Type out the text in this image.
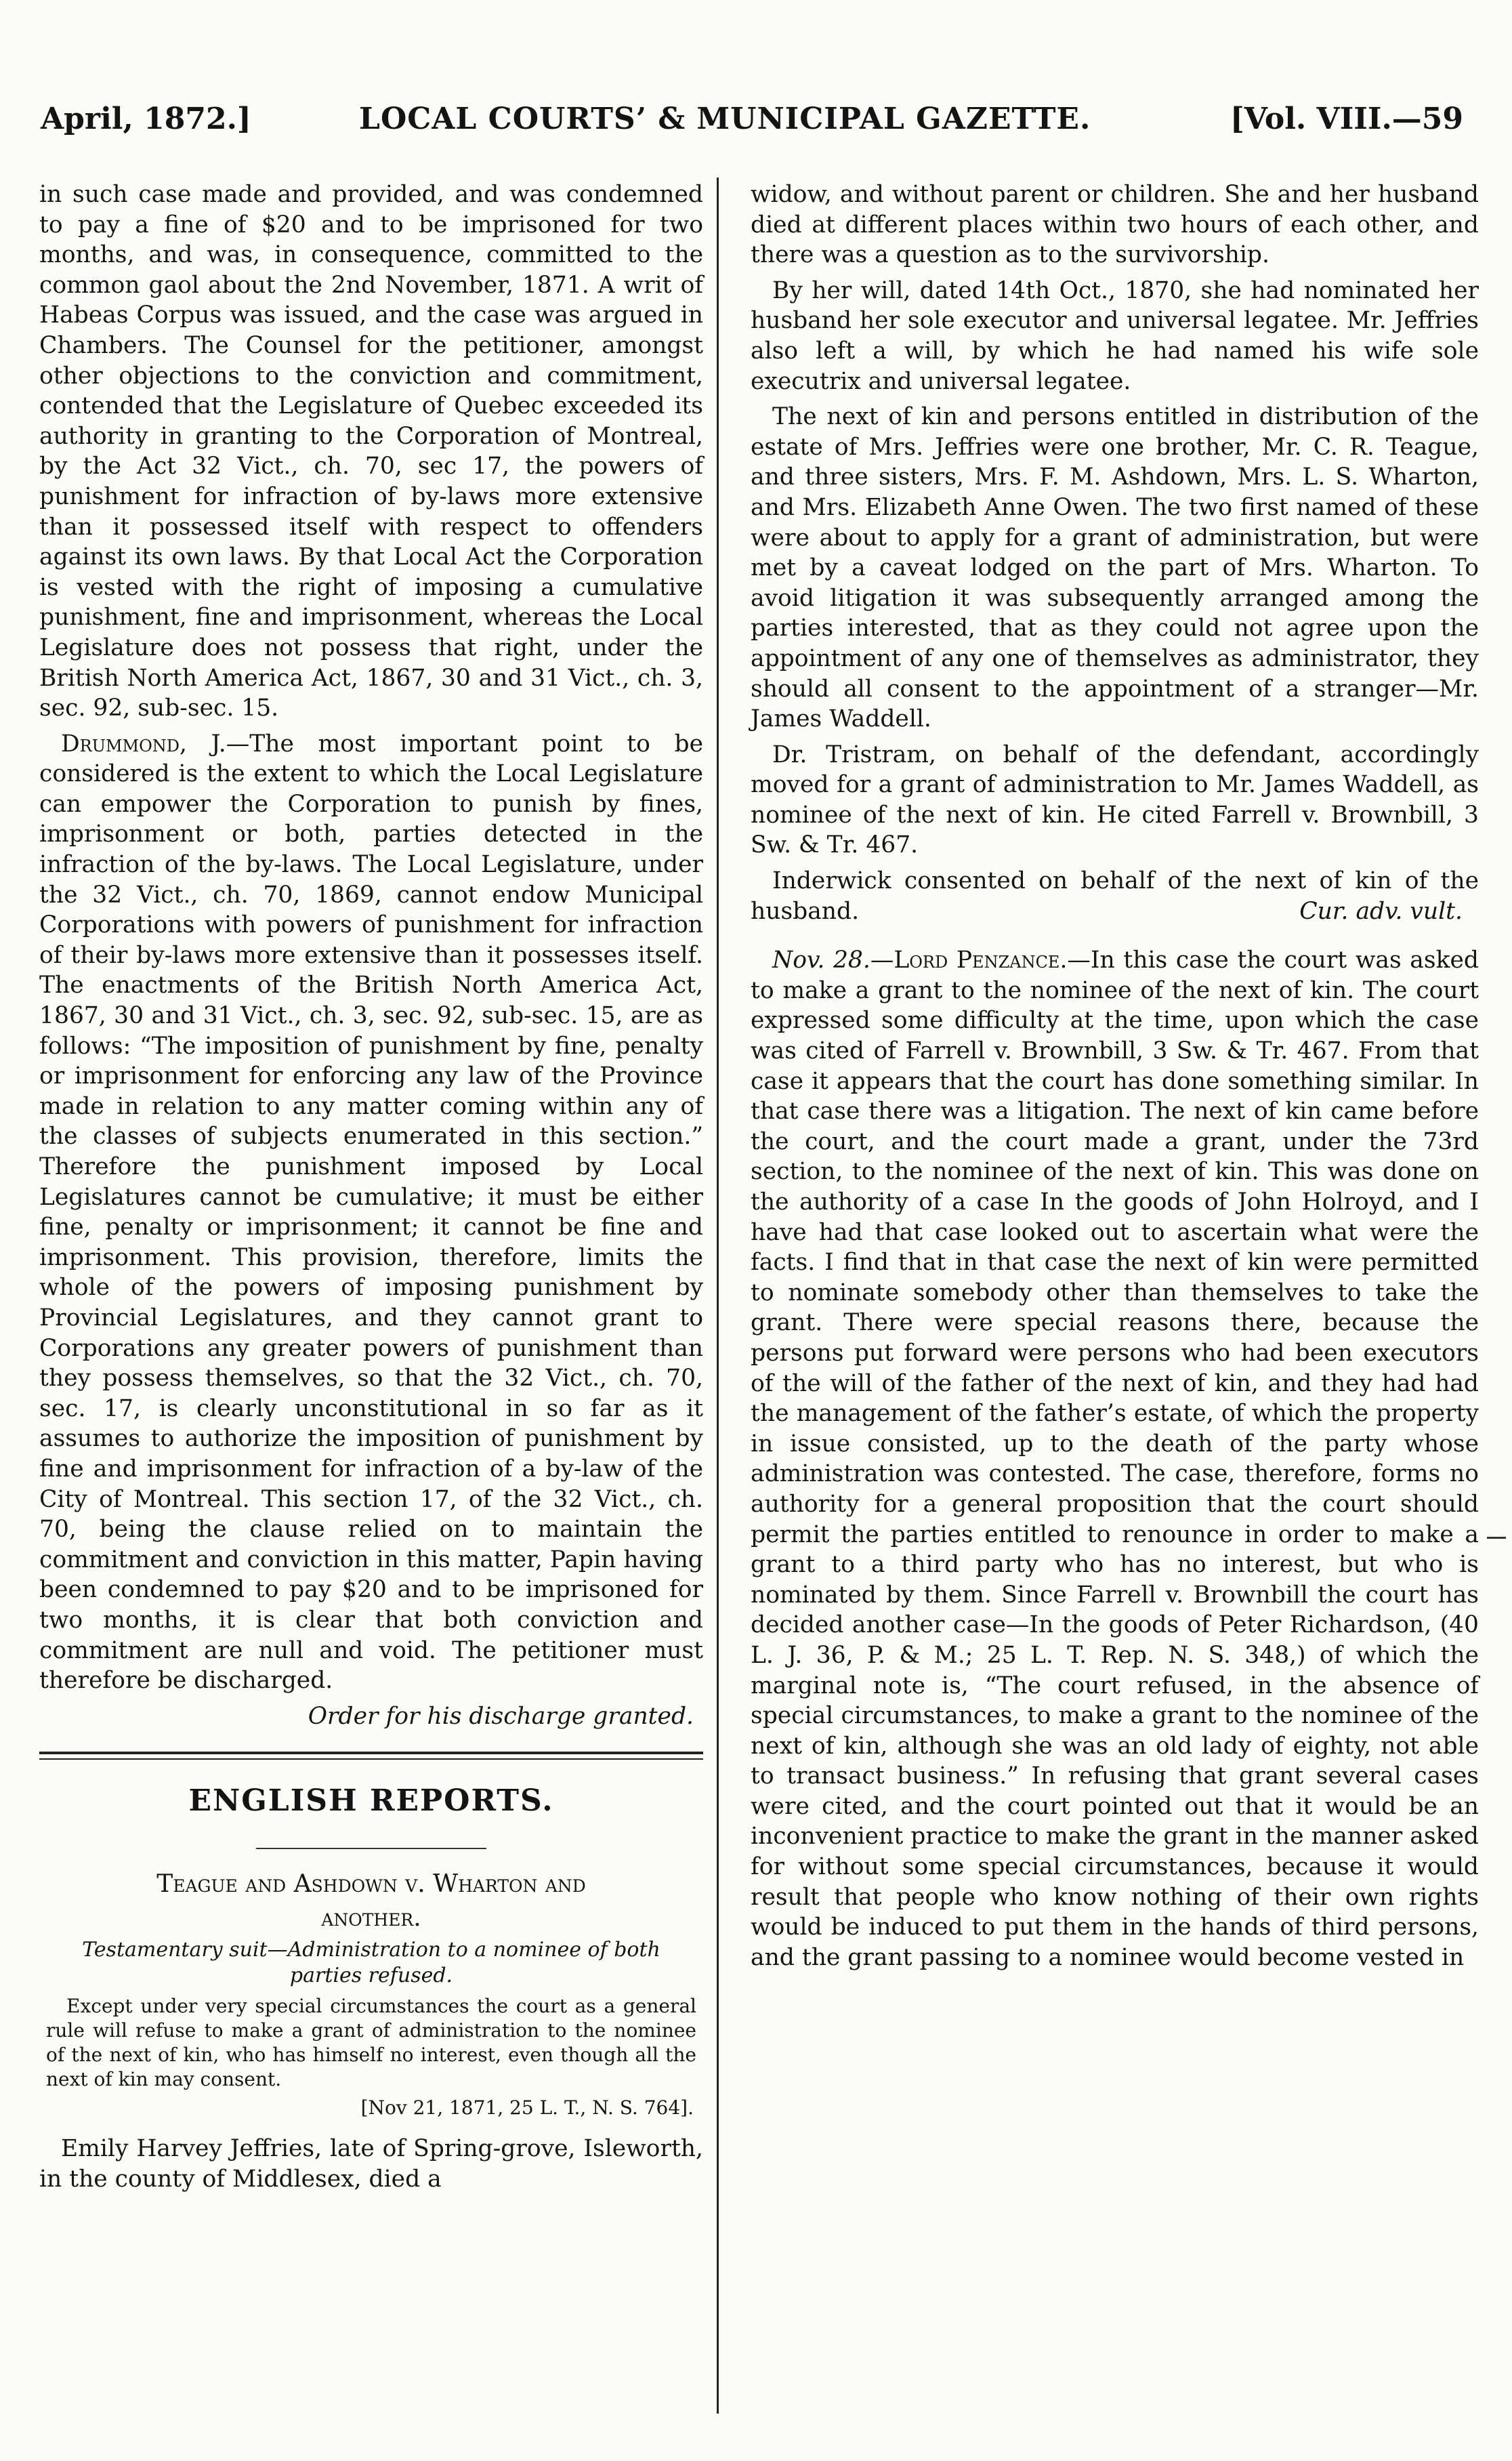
April, 1872.]	LOCAL COURTS’ & MUNICIPAL GAZETTE.	[Vol. VIII.—59

in such case made and provided, and was condemned to pay a fine of $20 and to be imprisoned for two months, and was, in consequence, committed to the common gaol about the 2nd November, 1871. A writ of Habeas Corpus was issued, and the case was argued in Chambers. The Counsel for the petitioner, amongst other objections to the conviction and commitment, contended that the Legislature of Quebec exceeded its authority in granting to the Corporation of Montreal, by the Act 32 Vict., ch. 70, sec 17, the powers of punishment for infraction of by-laws more extensive than it possessed itself with respect to offenders against its own laws. By that Local Act the Corporation is vested with the right of imposing a cumulative punishment, fine and imprisonment, whereas the Local Legislature does not possess that right, under the British North America Act, 1867, 30 and 31 Vict., ch. 3, sec. 92, sub-sec. 15.

Drummond, J.—The most important point to be considered is the extent to which the Local Legislature can empower the Corporation to punish by fines, imprisonment or both, parties detected in the infraction of the by-laws. The Local Legislature, under the 32 Vict., ch. 70, 1869, cannot endow Municipal Corporations with powers of punishment for infraction of their by-laws more extensive than it possesses itself. The enactments of the British North America Act, 1867, 30 and 31 Vict., ch. 3, sec. 92, sub-sec. 15, are as follows: “The imposition of punishment by fine, penalty or imprisonment for enforcing any law of the Province made in relation to any matter coming within any of the classes of subjects enumerated in this section.” Therefore the punishment imposed by Local Legislatures cannot be cumulative; it must be either fine, penalty or imprisonment; it cannot be fine and imprisonment. This provision, therefore, limits the whole of the powers of imposing punishment by Provincial Legislatures, and they cannot grant to Corporations any greater powers of punishment than they possess themselves, so that the 32 Vict., ch. 70, sec. 17, is clearly unconstitutional in so far as it assumes to authorize the imposition of punishment by fine and imprisonment for infraction of a by-law of the City of Montreal. This section 17, of the 32 Vict., ch. 70, being the clause relied on to maintain the commitment and conviction in this matter, Papin having been condemned to pay $20 and to be imprisoned for two months, it is clear that both conviction and commitment are null and void. The petitioner must therefore be discharged.

Order for his discharge granted.
ENGLISH REPORTS.
Teague and Ashdown v. Wharton and
another.
Testamentary suit—Administration to a nominee of both parties refused.
Except under very special circumstances the court as a general rule will refuse to make a grant of administration to the nominee of the next of kin, who has himself no interest, even though all the next of kin may consent.
[Nov 21, 1871, 25 L. T., N. S. 764].

Emily Harvey Jeffries, late of Spring-grove, Isleworth, in the county of Middlesex, died a

widow, and without parent or children. She and her husband died at different places within two hours of each other, and there was a question as to the survivorship.

By her will, dated 14th Oct., 1870, she had nominated her husband her sole executor and universal legatee. Mr. Jeffries also left a will, by which he had named his wife sole executrix and universal legatee.

The next of kin and persons entitled in distribution of the estate of Mrs. Jeffries were one brother, Mr. C. R. Teague, and three sisters, Mrs. F. M. Ashdown, Mrs. L. S. Wharton, and Mrs. Elizabeth Anne Owen. The two first named of these were about to apply for a grant of administration, but were met by a caveat lodged on the part of Mrs. Wharton. To avoid litigation it was subsequently arranged among the parties interested, that as they could not agree upon the appointment of any one of themselves as administrator, they should all consent to the appointment of a stranger—Mr. James Waddell.

Dr. Tristram, on behalf of the defendant, accordingly moved for a grant of administration to Mr. James Waddell, as nominee of the next of kin. He cited Farrell v. Brownbill, 3 Sw. & Tr. 467.

Inderwick consented on behalf of the next of kin of the husband.	Cur. adv. vult.

Nov. 28.—Lord Penzance.—In this case the court was asked to make a grant to the nominee of the next of kin. The court expressed some difficulty at the time, upon which the case was cited of Farrell v. Brownbill, 3 Sw. & Tr. 467. From that case it appears that the court has done something similar. In that case there was a litigation. The next of kin came before the court, and the court made a grant, under the 73rd section, to the nominee of the next of kin. This was done on the authority of a case In the goods of John Holroyd, and I have had that case looked out to ascertain what were the facts. I find that in that case the next of kin were permitted to nominate somebody other than themselves to take the grant. There were special reasons there, because the persons put forward were persons who had been executors of the will of the father of the next of kin, and they had had the management of the father’s estate, of which the property in issue consisted, up to the death of the party whose administration was contested. The case, therefore, forms no authority for a general proposition that the court should permit the parties entitled to renounce in order to make a grant to a third party who has no interest, but who is nominated by them. Since Farrell v. Brownbill the court has decided another case—In the goods of Peter Richardson, (40 L. J. 36, P. & M.; 25 L. T. Rep. N. S. 348,) of which the marginal note is, “The court refused, in the absence of special circumstances, to make a grant to the nominee of the next of kin, although she was an old lady of eighty, not able to transact business.” In refusing that grant several cases were cited, and the court pointed out that it would be an inconvenient practice to make the grant in the manner asked for without some special circumstances, because it would result that people who know nothing of their own rights would be induced to put them in the hands of third persons, and the grant passing to a nominee would become vested in
